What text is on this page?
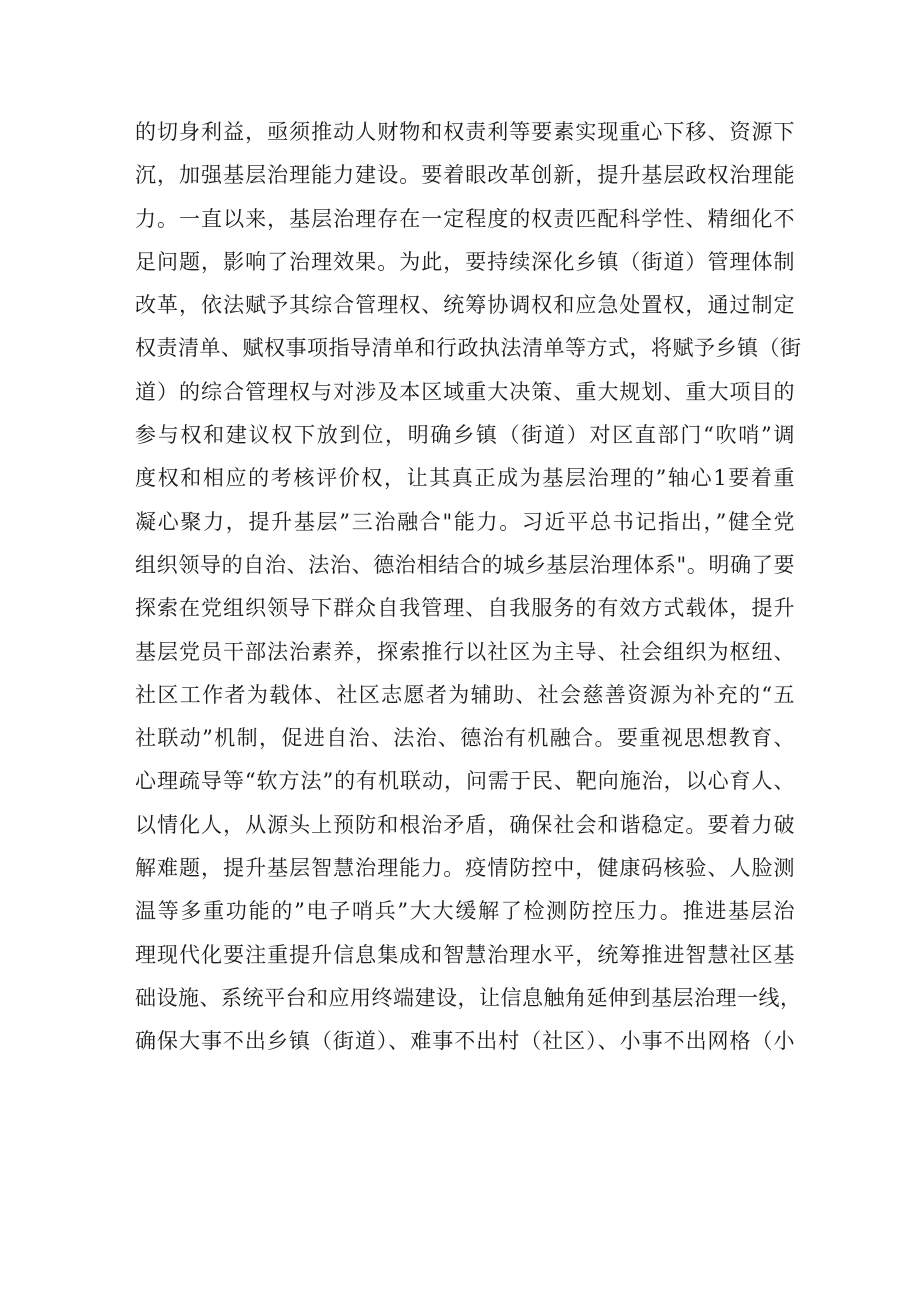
的切身利益，亟须推动人财物和权责利等要素实现重心下移、资源下
沉，加强基层治理能力建设。要着眼改革创新，提升基层政权治理能
力。一直以来，基层治理存在一定程度的权责匹配科学性、精细化不
足问题，影响了治理效果。为此，要持续深化乡镇（街道）管理体制
改革，依法赋予其综合管理权、统筹协调权和应急处置权，通过制定
权责清单、赋权事项指导清单和行政执法清单等方式，将赋予乡镇（街
道）的综合管理权与对涉及本区域重大决策、重大规划、重大项目的
参与权和建议权下放到位，明确乡镇（街道）对区直部门“吹哨”调
度权和相应的考核评价权，让其真正成为基层治理的”轴心1要着重
凝心聚力，提升基层”三治融合"能力。习近平总书记指出，”健全党
组织领导的自治、法治、德治相结合的城乡基层治理体系"。明确了要
探索在党组织领导下群众自我管理、自我服务的有效方式载体，提升
基层党员干部法治素养，探索推行以社区为主导、社会组织为枢纽、
社区工作者为载体、社区志愿者为辅助、社会慈善资源为补充的“五
社联动”机制，促进自治、法治、德治有机融合。要重视思想教育、
心理疏导等“软方法”的有机联动，问需于民、靶向施治，以心育人、
以情化人，从源头上预防和根治矛盾，确保社会和谐稳定。要着力破
解难题，提升基层智慧治理能力。疫情防控中，健康码核验、人脸测
温等多重功能的”电子哨兵”大大缓解了检测防控压力。推进基层治
理现代化要注重提升信息集成和智慧治理水平，统筹推进智慧社区基
础设施、系统平台和应用终端建设，让信息触角延伸到基层治理一线，
确保大事不出乡镇（街道）、难事不出村（社区）、小事不出网格（小
